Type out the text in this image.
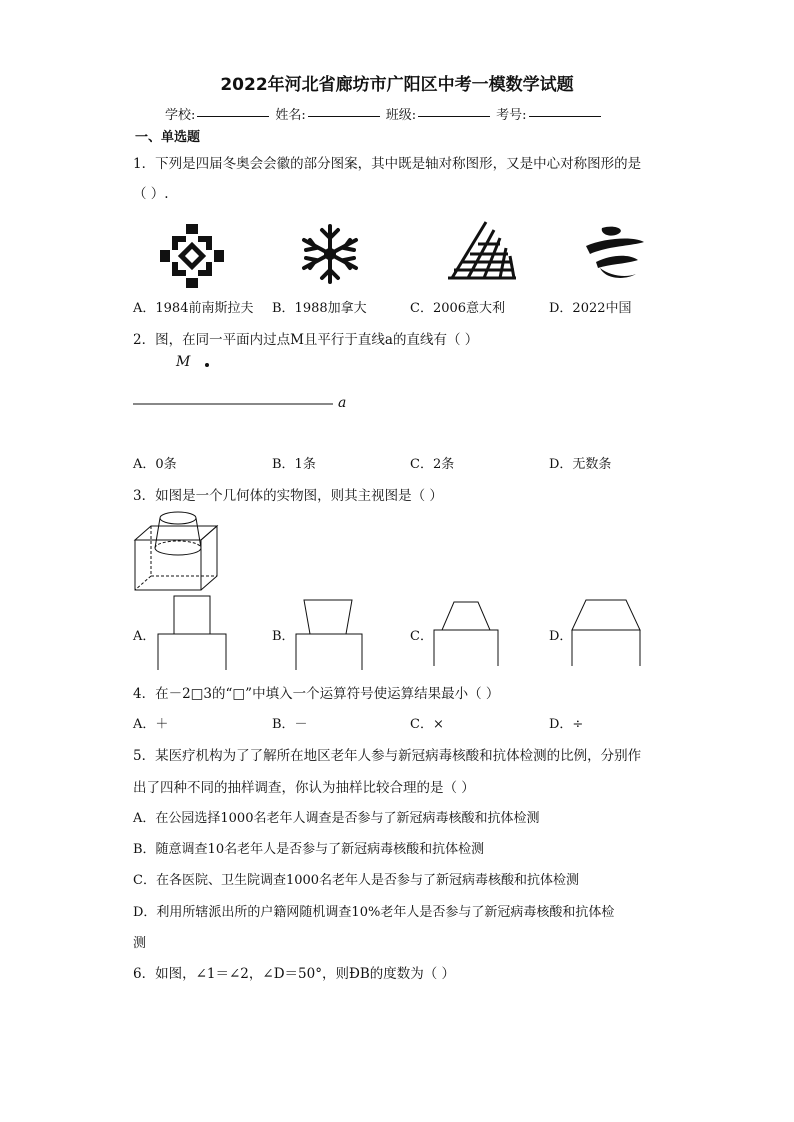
2022年河北省廊坊市广阳区中考一模数学试题
学校:	姓名:	班级:	考号:
一、单选题
1．下列是四届冬奥会会徽的部分图案，其中既是轴对称图形，又是中心对称图形的是
（ ）.
A．1984前南斯拉夫 B．1988加拿大	C．2006意大利	D．2022中国
2．图，在同一平面内过点M且平行于直线a的直线有（ ）
M
a
A．0条	B．1条	C．2条	D．无数条
3．如图是一个几何体的实物图，则其主视图是（ ）
A．	B．	C．	D．
4．在－2□3的“□”中填入一个运算符号使运算结果最小（ ）
A．＋	B．－	C．×	D．÷
5．某医疗机构为了了解所在地区老年人参与新冠病毒核酸和抗体检测的比例，分别作
出了四种不同的抽样调查，你认为抽样比较合理的是（ ）
A．在公园选择1000名老年人调查是否参与了新冠病毒核酸和抗体检测
B．随意调查10名老年人是否参与了新冠病毒核酸和抗体检测
C．在各医院、卫生院调查1000名老年人是否参与了新冠病毒核酸和抗体检测
D．利用所辖派出所的户籍网随机调查10%老年人是否参与了新冠病毒核酸和抗体检
测
6．如图，∠1＝∠2，∠D＝50°，则ÐB的度数为（ ）
